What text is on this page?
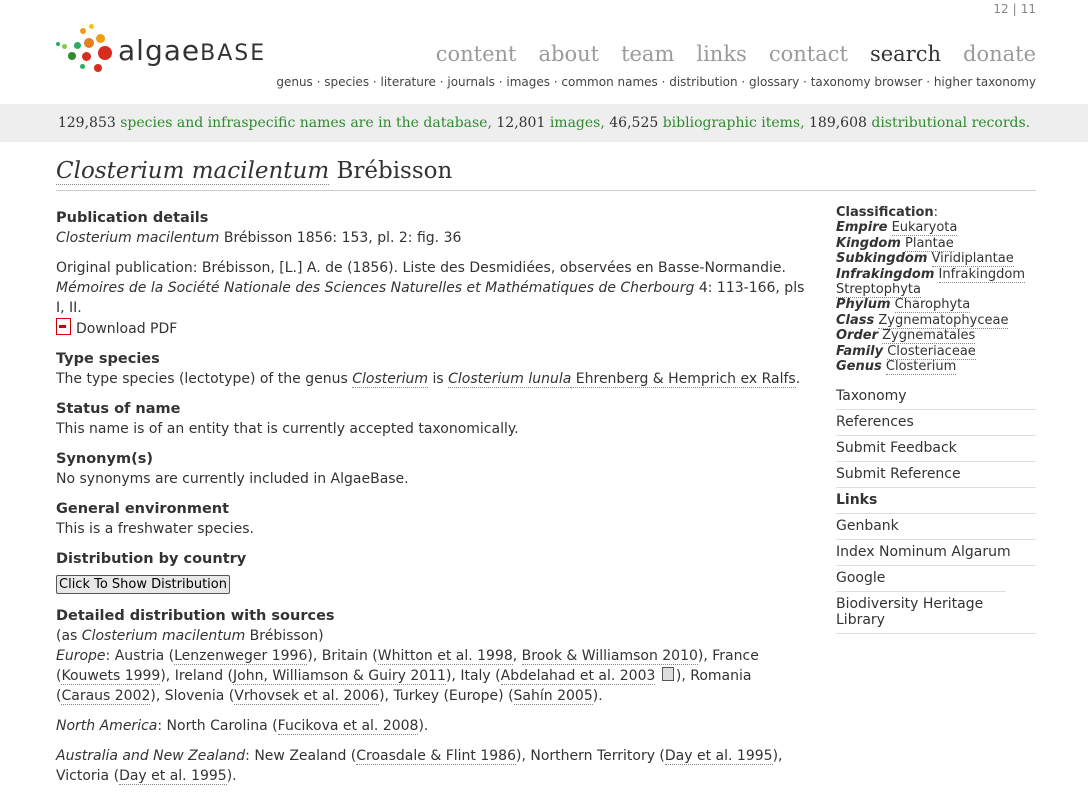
12 | 11
algaeBASE	content about team links contact search donate
genus · species · literature · journals · images · common names · distribution · glossary · taxonomy browser · higher taxonomy
129,853 species and infraspecific names are in the database, 12,801 images, 46,525 bibliographic items, 189,608 distributional records.
Closterium macilentum Brébisson
Publication details

Closterium macilentum Brébisson 1856: 153, pl. 2: fig. 36

Original publication: Brébisson, [L.] A. de (1856). Liste des Desmidiées, observées en Basse-Normandie. Mémoires de la Société Nationale des Sciences Naturelles et Mathématiques de Cherbourg 4: 113-166, pls I, II.

Download PDF

Type species

The type species (lectotype) of the genus Closterium is Closterium lunula Ehrenberg & Hemprich ex Ralfs.

Status of name

This name is of an entity that is currently accepted taxonomically.

Synonym(s)

No synonyms are currently included in AlgaeBase.

General environment

This is a freshwater species.

Distribution by country
Click To Show Distribution
Detailed distribution with sources

(as Closterium macilentum Brébisson)

Europe: Austria (Lenzenweger 1996), Britain (Whitton et al. 1998, Brook & Williamson 2010), France (Kouwets 1999), Ireland (John, Williamson & Guiry 2011), Italy (Abdelahad et al. 2003 ), Romania (Caraus 2002), Slovenia (Vrhovsek et al. 2006), Turkey (Europe) (Sahín 2005).

North America: North Carolina (Fucikova et al. 2008).

Australia and New Zealand: New Zealand (Croasdale & Flint 1986), Northern Territory (Day et al. 1995), Victoria (Day et al. 1995).

Classification:
Empire Eukaryota
Kingdom Plantae
Subkingdom Viridiplantae
Infrakingdom Infrakingdom Streptophyta
Phylum Charophyta
Class Zygnematophyceae
Order Zygnematales
Family Closteriaceae
Genus Closterium
Taxonomy
References
Submit Feedback
Submit Reference
Links
Genbank
Index Nominum Algarum
Google
Biodiversity Heritage Library
